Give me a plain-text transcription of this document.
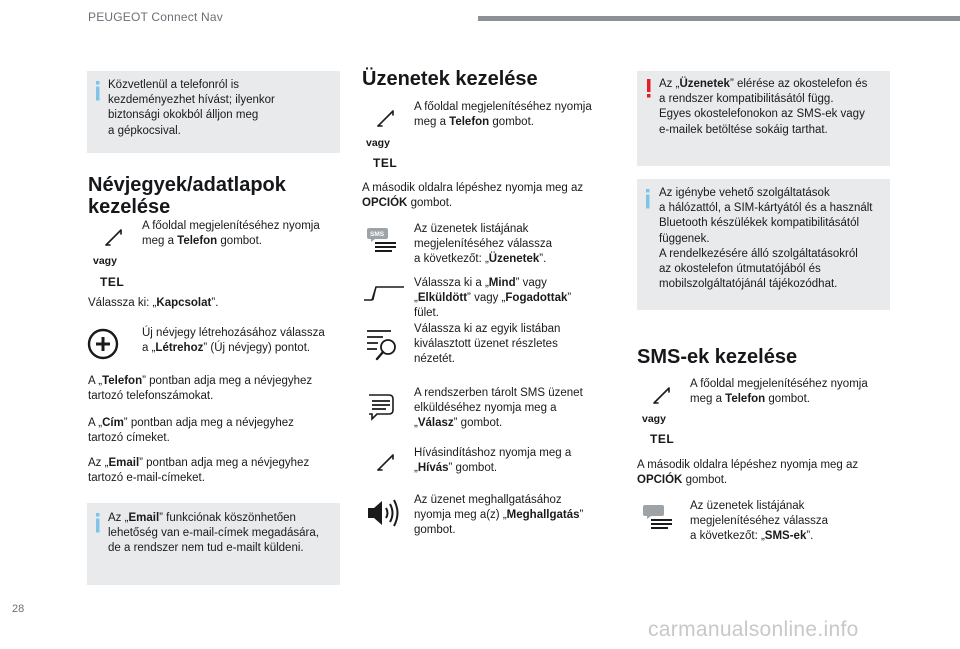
PEUGEOT Connect Nav
Közvetlenül a telefonról is
kezdeményezhet hívást; ilyenkor
biztonsági okokból álljon meg
a gépkocsival.
Névjegyek/adatlapok
kezelése
vagy
TEL
A főoldal megjelenítéséhez nyomja
meg a Telefon gombot.
Válassza ki: „Kapcsolat”.
Új névjegy létrehozásához válassza
a „Létrehoz” (Új névjegy) pontot.
A „Telefon” pontban adja meg a névjegyhez
tartozó telefonszámokat.
A „Cím” pontban adja meg a névjegyhez
tartozó címeket.
Az „Email” pontban adja meg a névjegyhez
tartozó e-mail-címeket.
Az „Email” funkciónak köszönhetően
lehetőség van e-mail-címek megadására,
de a rendszer nem tud e-mailt küldeni.
Üzenetek kezelése
vagy
TEL
A főoldal megjelenítéséhez nyomja
meg a Telefon gombot.
A második oldalra lépéshez nyomja meg az
OPCIÓK gombot.
SMS	Az üzenetek listájának
megjelenítéséhez válassza
a következőt: „Üzenetek”.
Válassza ki a „Mind” vagy
„Elküldött” vagy „Fogadottak”
fület.
Válassza ki az egyik listában
kiválasztott üzenet részletes
nézetét.
A rendszerben tárolt SMS üzenet
elküldéséhez nyomja meg a
„Válasz” gombot.
Hívásindításhoz nyomja meg a
„Hívás” gombot.
Az üzenet meghallgatásához
nyomja meg a(z) „Meghallgatás”
gombot.
Az „Üzenetek” elérése az okostelefon és
a rendszer kompatibilitásától függ.
Egyes okostelefonokon az SMS-ek vagy
e-mailek betöltése sokáig tarthat.
Az igénybe vehető szolgáltatások
a hálózattól, a SIM-kártyától és a használt
Bluetooth készülékek kompatibilitásától
függenek.
A rendelkezésére álló szolgáltatásokról
az okostelefon útmutatójából és
mobilszolgáltatójánál tájékozódhat.
SMS-ek kezelése
vagy
TEL
A főoldal megjelenítéséhez nyomja
meg a Telefon gombot.
A második oldalra lépéshez nyomja meg az
OPCIÓK gombot.
Az üzenetek listájának
megjelenítéséhez válassza
a következőt: „SMS-ek”.
28
carmanualsonline.info
